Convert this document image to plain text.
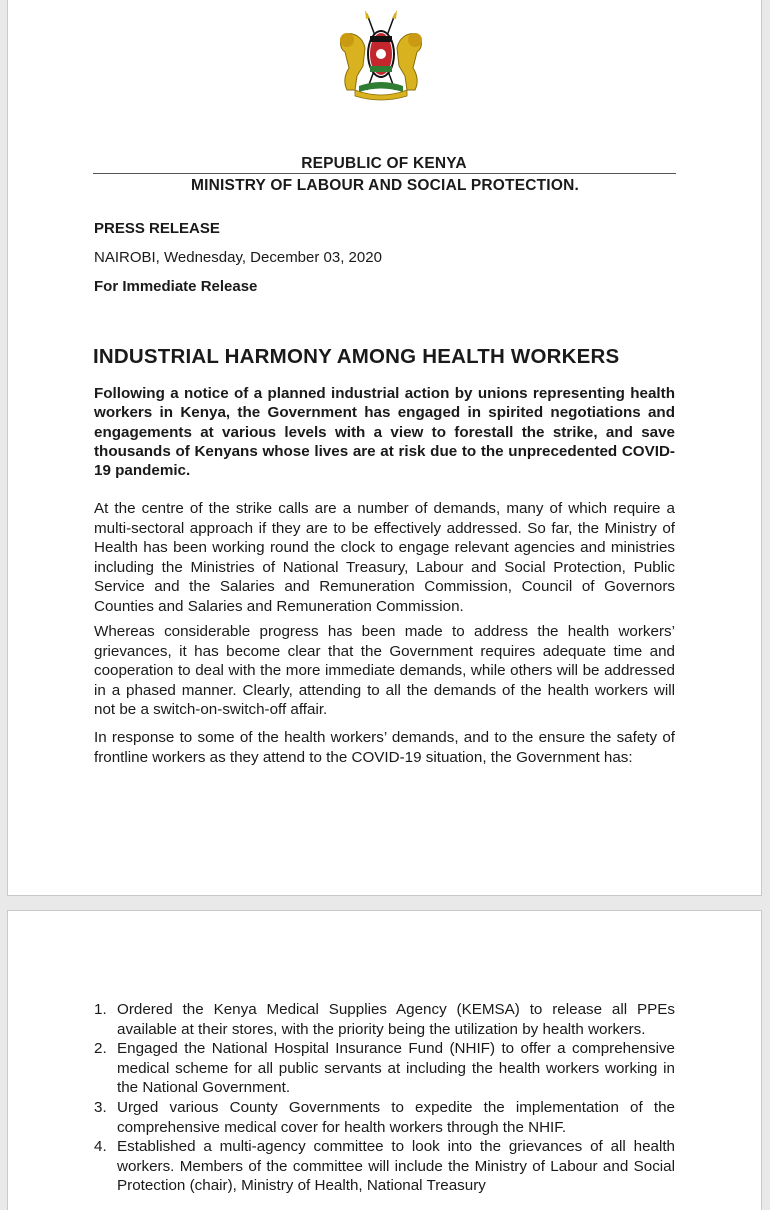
REPUBLIC OF KENYA
MINISTRY OF LABOUR AND SOCIAL PROTECTION.
PRESS RELEASE
NAIROBI, Wednesday, December 03, 2020
For Immediate Release
INDUSTRIAL HARMONY AMONG HEALTH WORKERS
Following a notice of a planned industrial action by unions representing health workers in Kenya, the Government has engaged in spirited negotiations and engagements at various levels with a view to forestall the strike, and save thousands of Kenyans whose lives are at risk due to the unprecedented COVID-19 pandemic.
At the centre of the strike calls are a number of demands, many of which require a multi-sectoral approach if they are to be effectively addressed. So far, the Ministry of Health has been working round the clock to engage relevant agencies and ministries including the Ministries of National Treasury, Labour and Social Protection, Public Service and the Salaries and Remuneration Commission, Council of Governors Counties and Salaries and Remuneration Commission.
Whereas considerable progress has been made to address the health workers’ grievances, it has become clear that the Government requires adequate time and cooperation to deal with the more immediate demands, while others will be addressed in a phased manner. Clearly, attending to all the demands of the health workers will not be a switch-on-switch-off affair.
In response to some of the health workers’ demands, and to the ensure the safety of frontline workers as they attend to the COVID-19 situation, the Government has:
1. Ordered the Kenya Medical Supplies Agency (KEMSA) to release all PPEs available at their stores, with the priority being the utilization by health workers.
2. Engaged the National Hospital Insurance Fund (NHIF) to offer a comprehensive medical scheme for all public servants at including the health workers working in the National Government.
3. Urged various County Governments to expedite the implementation of the comprehensive medical cover for health workers through the NHIF.
4. Established a multi-agency committee to look into the grievances of all health workers. Members of the committee will include the Ministry of Labour and Social Protection (chair), Ministry of Health, National Treasury
